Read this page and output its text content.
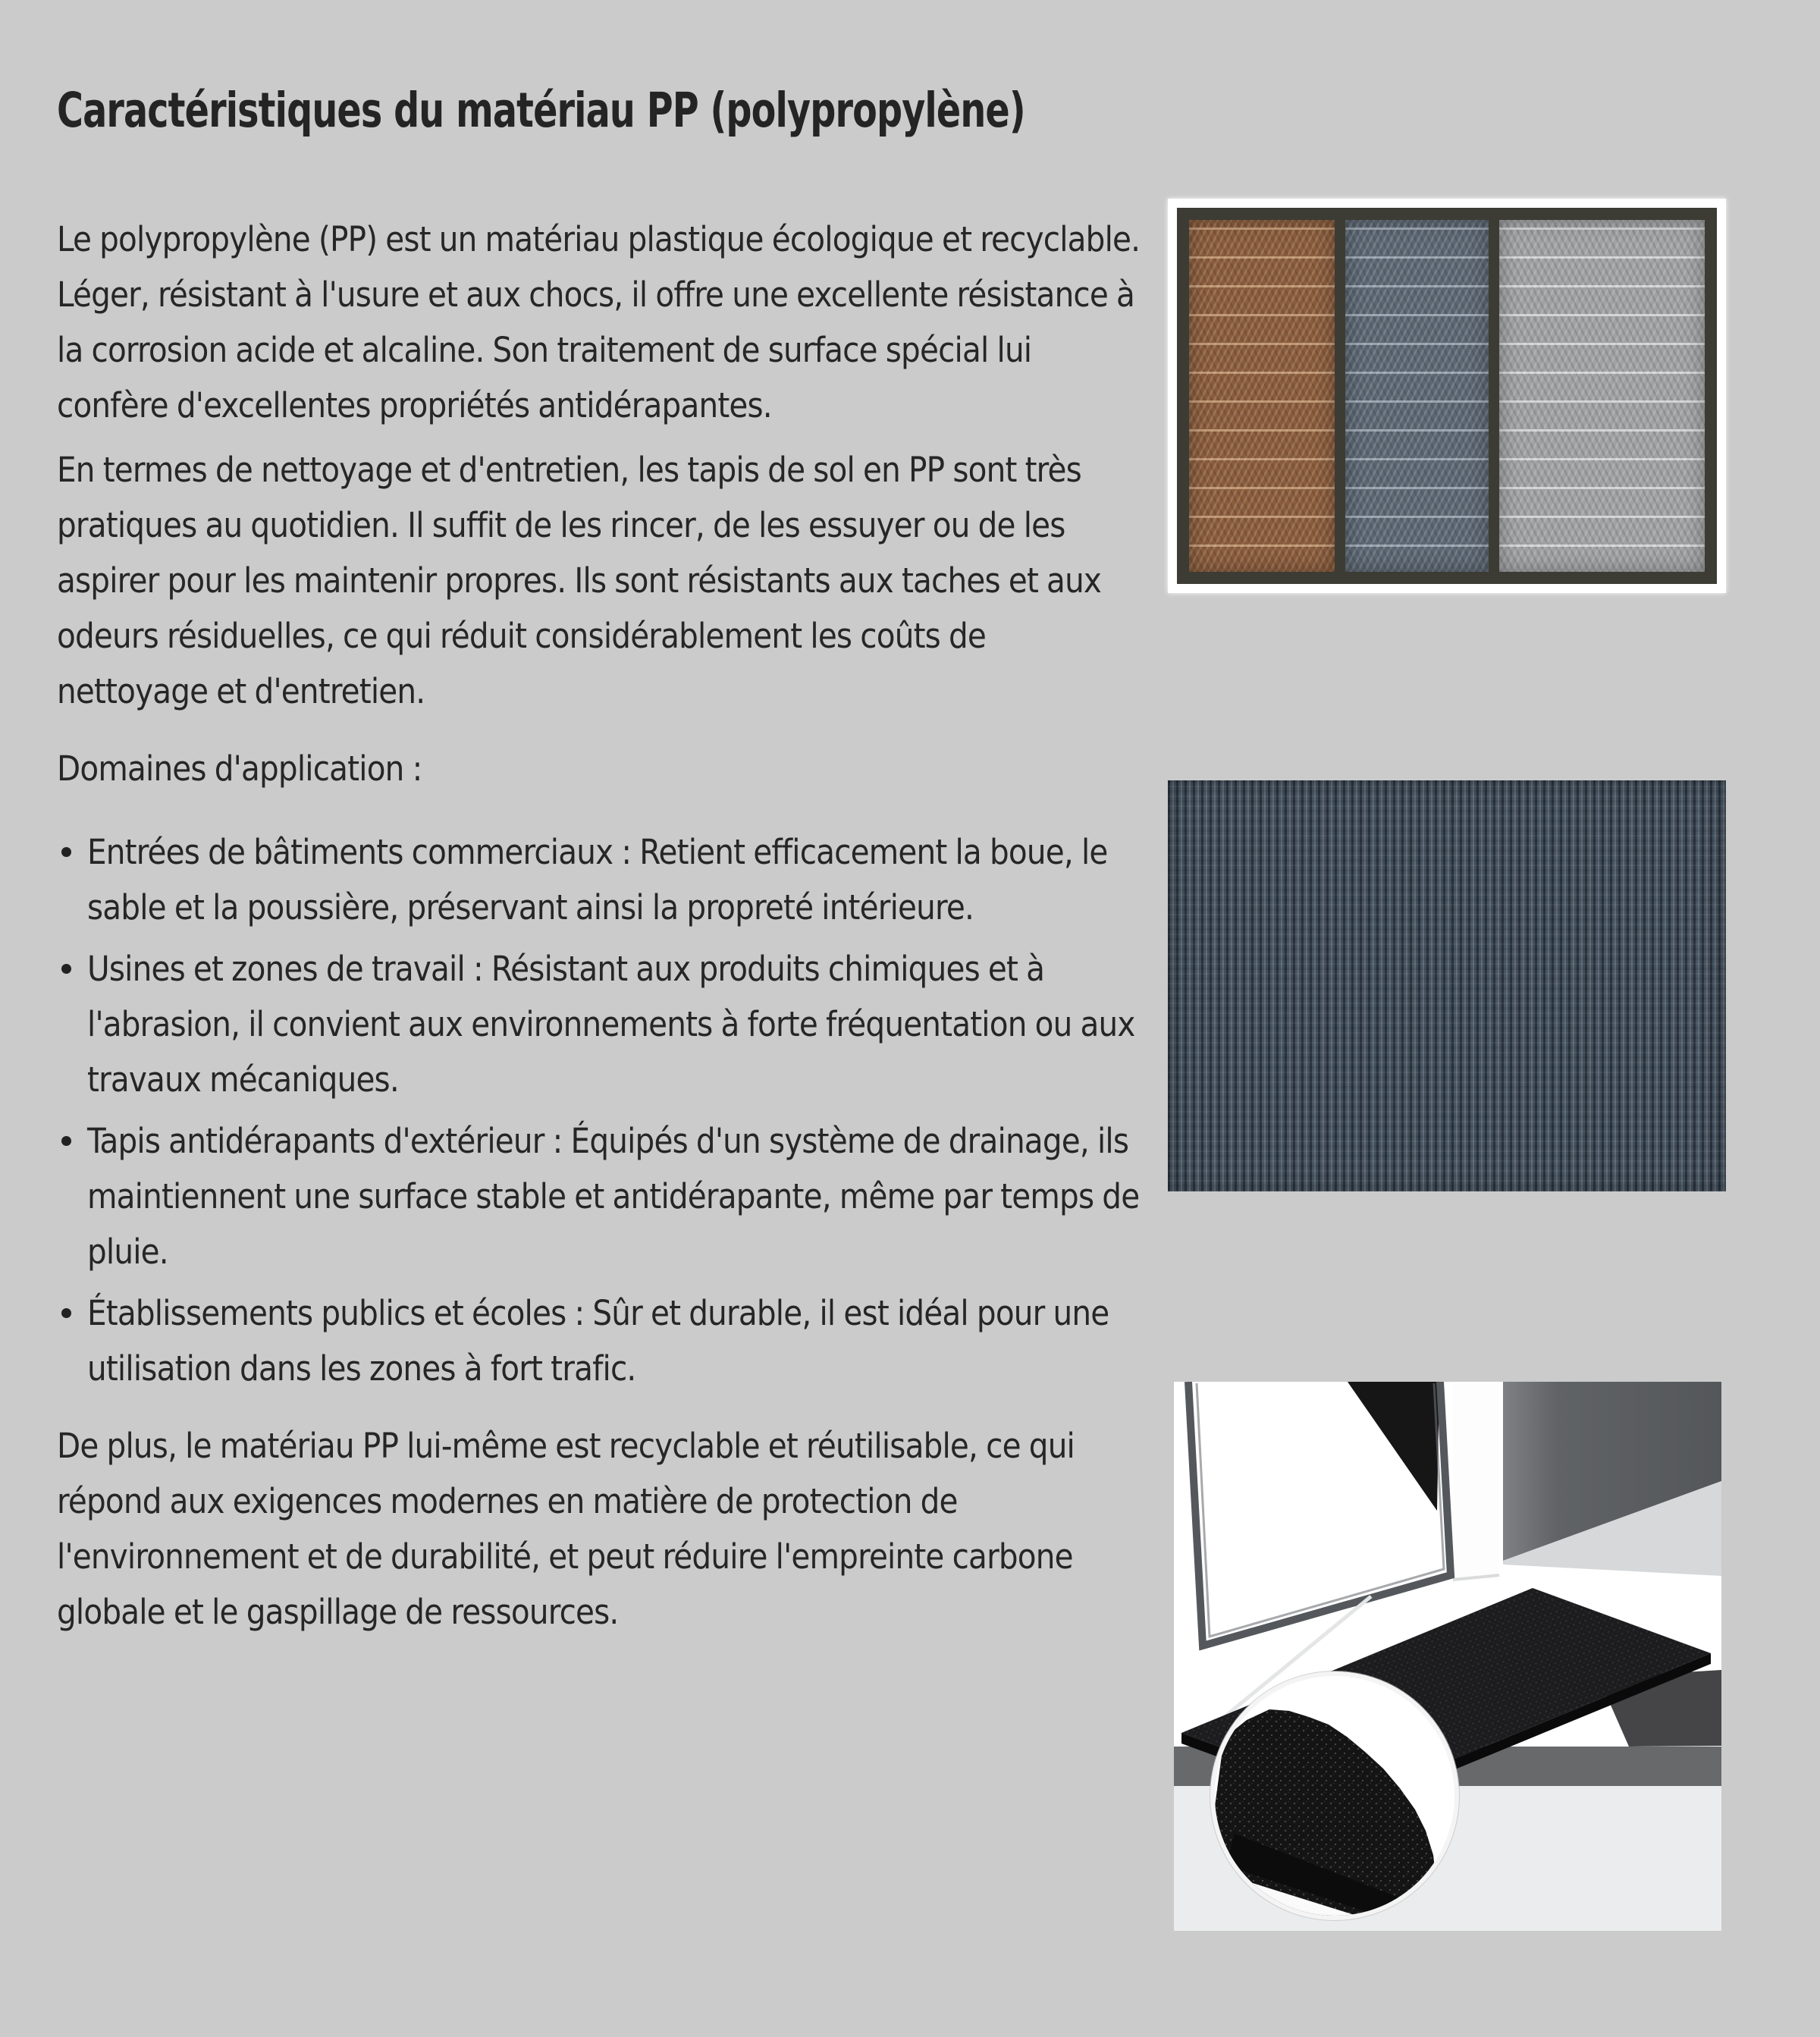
Caractéristiques du matériau PP (polypropylène)

Le polypropylène (PP) est un matériau plastique écologique et recyclable. Léger, résistant à l'usure et aux chocs, il offre une excellente résistance à la corrosion acide et alcaline. Son traitement de surface spécial lui confère d'excellentes propriétés antidérapantes.

En termes de nettoyage et d'entretien, les tapis de sol en PP sont très pratiques au quotidien. Il suffit de les rincer, de les essuyer ou de les aspirer pour les maintenir propres. Ils sont résistants aux taches et aux odeurs résiduelles, ce qui réduit considérablement les coûts de nettoyage et d'entretien.

Domaines d'application :

Entrées de bâtiments commerciaux : Retient efficacement la boue, le sable et la poussière, préservant ainsi la propreté intérieure.
Usines et zones de travail : Résistant aux produits chimiques et à l'abrasion, il convient aux environnements à forte fréquentation ou aux travaux mécaniques.
Tapis antidérapants d'extérieur : Équipés d'un système de drainage, ils maintiennent une surface stable et antidérapante, même par temps de pluie.
Établissements publics et écoles : Sûr et durable, il est idéal pour une utilisation dans les zones à fort trafic.

De plus, le matériau PP lui-même est recyclable et réutilisable, ce qui répond aux exigences modernes en matière de protection de l'environnement et de durabilité, et peut réduire l'empreinte carbone globale et le gaspillage de ressources.
